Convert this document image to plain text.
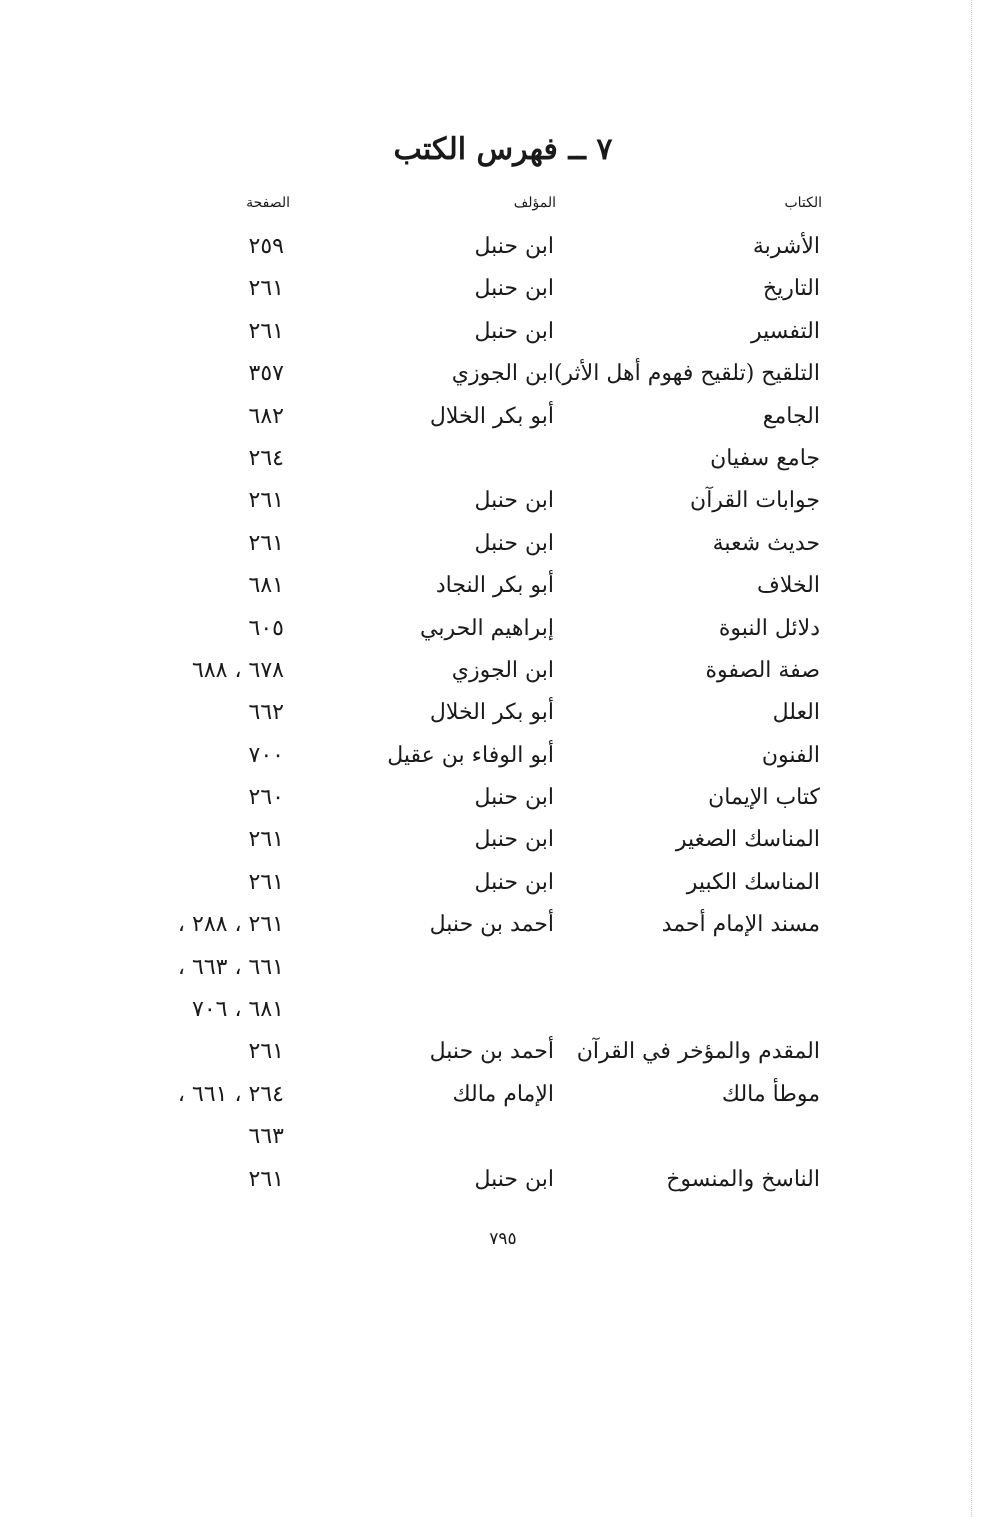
٧ ــ فهرس الكتب
الكتاب
المؤلف
الصفحة
الأشربة
ابن حنبل
٢٥٩
التاريخ
ابن حنبل
٢٦١
التفسير
ابن حنبل
٢٦١
التلقيح (تلقيح فهوم أهل الأثر)
ابن الجوزي
٣٥٧
الجامع
أبو بكر الخلال
٦٨٢
جامع سفيان
٢٦٤
جوابات القرآن
ابن حنبل
٢٦١
حديث شعبة
ابن حنبل
٢٦١
الخلاف
أبو بكر النجاد
٦٨١
دلائل النبوة
إبراهيم الحربي
٦٠٥
صفة الصفوة
ابن الجوزي
٦٧٨ ، ٦٨٨
العلل
أبو بكر الخلال
٦٦٢
الفنون
أبو الوفاء بن عقيل
٧٠٠
كتاب الإيمان
ابن حنبل
٢٦٠
المناسك الصغير
ابن حنبل
٢٦١
المناسك الكبير
ابن حنبل
٢٦١
مسند الإمام أحمد
أحمد بن حنبل
٢٦١ ، ٢٨٨ ،
٦٦١ ، ٦٦٣ ،
٦٨١ ، ٧٠٦
المقدم والمؤخر في القرآن
أحمد بن حنبل
٢٦١
موطأ مالك
الإمام مالك
٢٦٤ ، ٦٦١ ،
٦٦٣
الناسخ والمنسوخ
ابن حنبل
٢٦١
٧٩٥
